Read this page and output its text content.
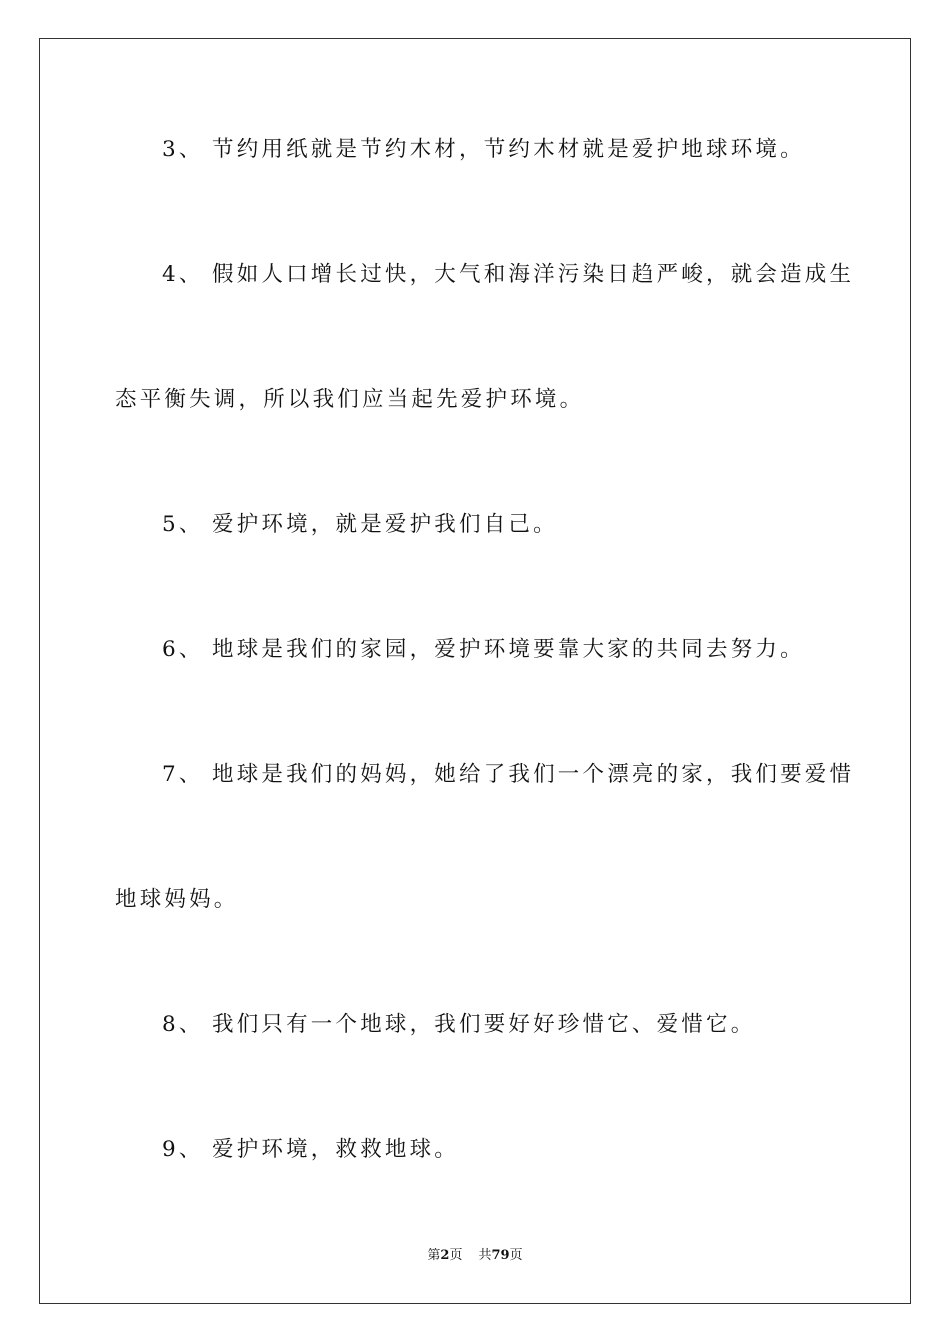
3、 节约用纸就是节约木材，节约木材就是爱护地球环境。
4、 假如人口增长过快，大气和海洋污染日趋严峻，就会造成生
态平衡失调，所以我们应当起先爱护环境。
5、 爱护环境，就是爱护我们自己。
6、 地球是我们的家园，爱护环境要靠大家的共同去努力。
7、 地球是我们的妈妈，她给了我们一个漂亮的家，我们要爱惜
地球妈妈。
8、 我们只有一个地球，我们要好好珍惜它、爱惜它。
9、 爱护环境，救救地球。
第2页 共79页
